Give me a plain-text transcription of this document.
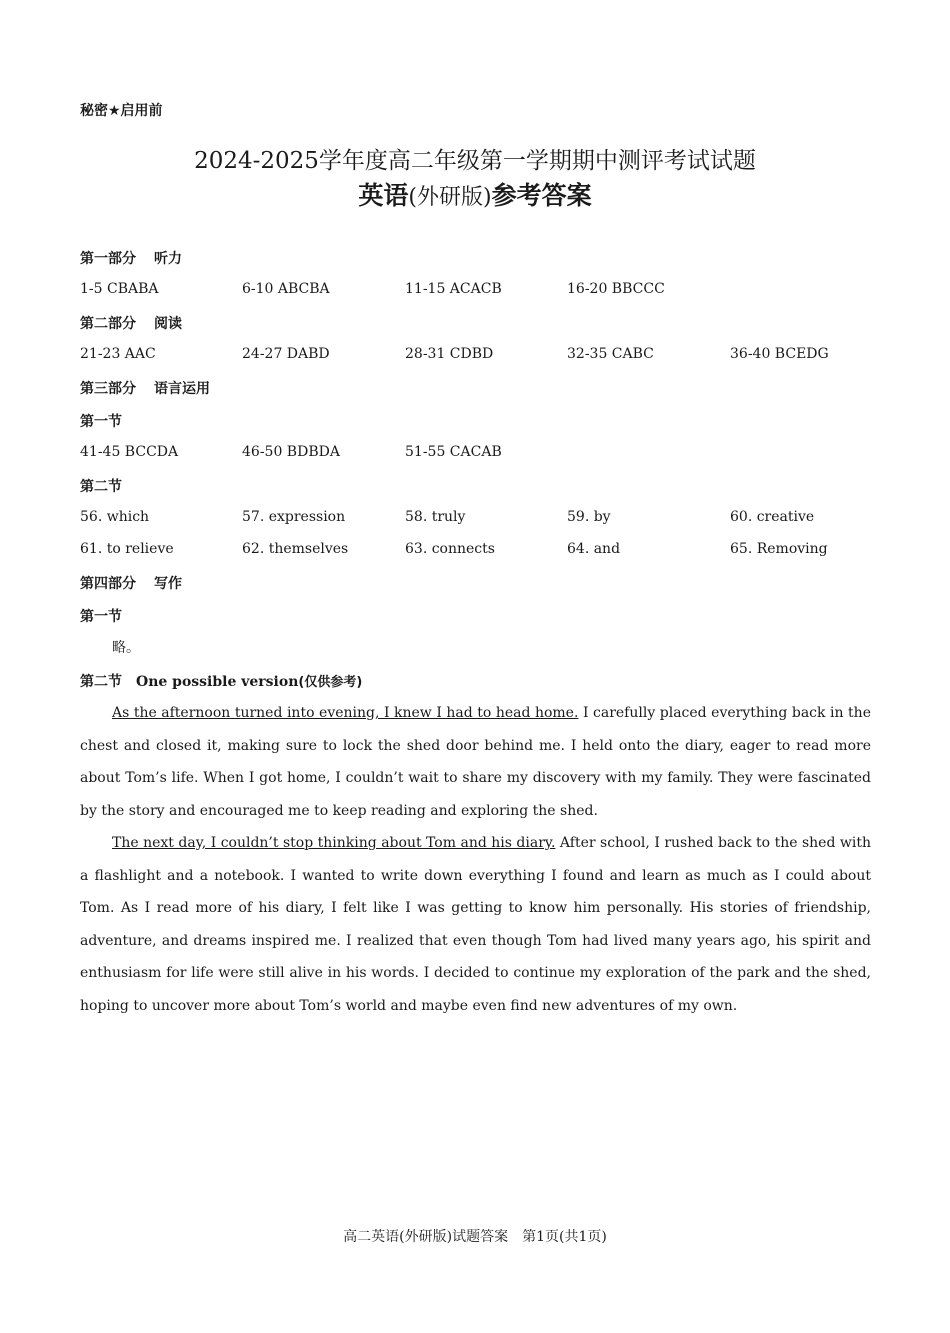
秘密★启用前
2024-2025学年度高二年级第一学期期中测评考试试题
英语(外研版)参考答案
第一部分 听力
1-5 CBABA	6-10 ABCBA	11-15 ACACB	16-20 BBCCC
第二部分 阅读
21-23 AAC	24-27 DABD	28-31 CDBD	32-35 CABC	36-40 BCEDG
第三部分 语言运用
第一节
41-45 BCCDA	46-50 BDBDA	51-55 CACAB
第二节
56. which	57. expression	58. truly	59. by	60. creative
61. to relieve	62. themselves	63. connects	64. and	65. Removing
第四部分 写作
第一节
略。
第二节 One possible version(仅供参考)

As the afternoon turned into evening, I knew I had to head home. I carefully placed everything back in the chest and closed it, making sure to lock the shed door behind me. I held onto the diary, eager to read more about Tom’s life. When I got home, I couldn’t wait to share my discovery with my family. They were fascinated by the story and encouraged me to keep reading and exploring the shed.

The next day, I couldn’t stop thinking about Tom and his diary. After school, I rushed back to the shed with a flashlight and a notebook. I wanted to write down everything I found and learn as much as I could about Tom. As I read more of his diary, I felt like I was getting to know him personally. His stories of friendship, adventure, and dreams inspired me. I realized that even though Tom had lived many years ago, his spirit and enthusiasm for life were still alive in his words. I decided to continue my exploration of the park and the shed, hoping to uncover more about Tom’s world and maybe even find new adventures of my own.

高二英语(外研版)试题答案　第1页(共1页)
